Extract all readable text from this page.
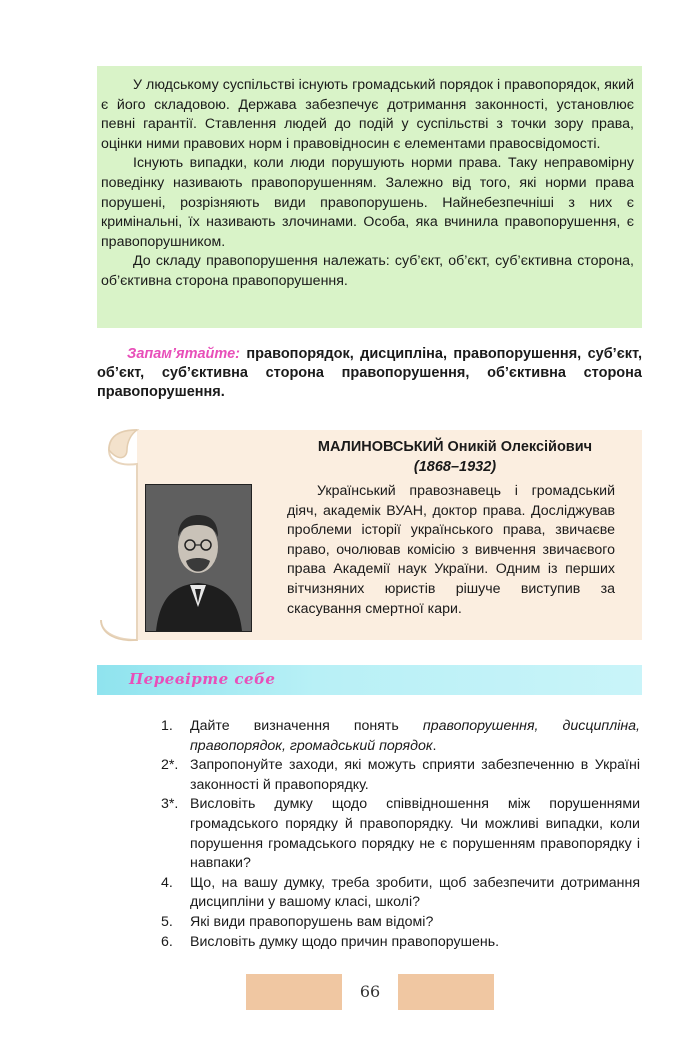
У людському суспільстві існують громадський порядок і правопорядок, який є його складовою. Держава забезпечує дотримання законності, установлює певні гарантії. Ставлення людей до подій у суспільстві з точки зору права, оцінки ними правових норм і правовідносин є елементами правосвідомості.

Існують випадки, коли люди порушують норми права. Таку неправомірну поведінку називають правопорушенням. Залежно від того, які норми права порушені, розрізняють види правопорушень. Найнебезпечніші з них є кримінальні, їх називають злочинами. Особа, яка вчинила правопорушення, є правопорушником.

До складу правопорушення належать: суб’єкт, об’єкт, суб’єктивна сторона, об’єктивна сторона правопорушення.

Запам’ятайте: правопорядок, дисципліна, правопорушення, суб’єкт, об’єкт, суб’єктивна сторона правопорушення, об’єктивна сторона правопорушення.
МАЛИНОВСЬКИЙ Оникій Олексійович
(1868–1932)
Український правознавець і громадський діяч, академік ВУАН, доктор права. Досліджував проблеми історії українського права, звичаєве право, очолював комісію з вивчення звичаєвого права Академії наук України. Одним із перших вітчизняних юристів рішуче виступив за скасування смертної кари.
Перевірте себе
1.	Дайте визначення понять правопорушення, дисципліна, правопорядок, громадський порядок.
2*. Запропонуйте заходи, які можуть сприяти забезпеченню в Україні законності й правопорядку.
3*. Висловіть думку щодо співвідношення між порушеннями громадського порядку й правопорядку. Чи можливі випадки, коли порушення громадського порядку не є порушенням правопорядку і навпаки?
4.	Що, на вашу думку, треба зробити, щоб забезпечити дотримання дисципліни у вашому класі, школі?
5.	Які види правопорушень вам відомі?
6.	Висловіть думку щодо причин правопорушень.
66
